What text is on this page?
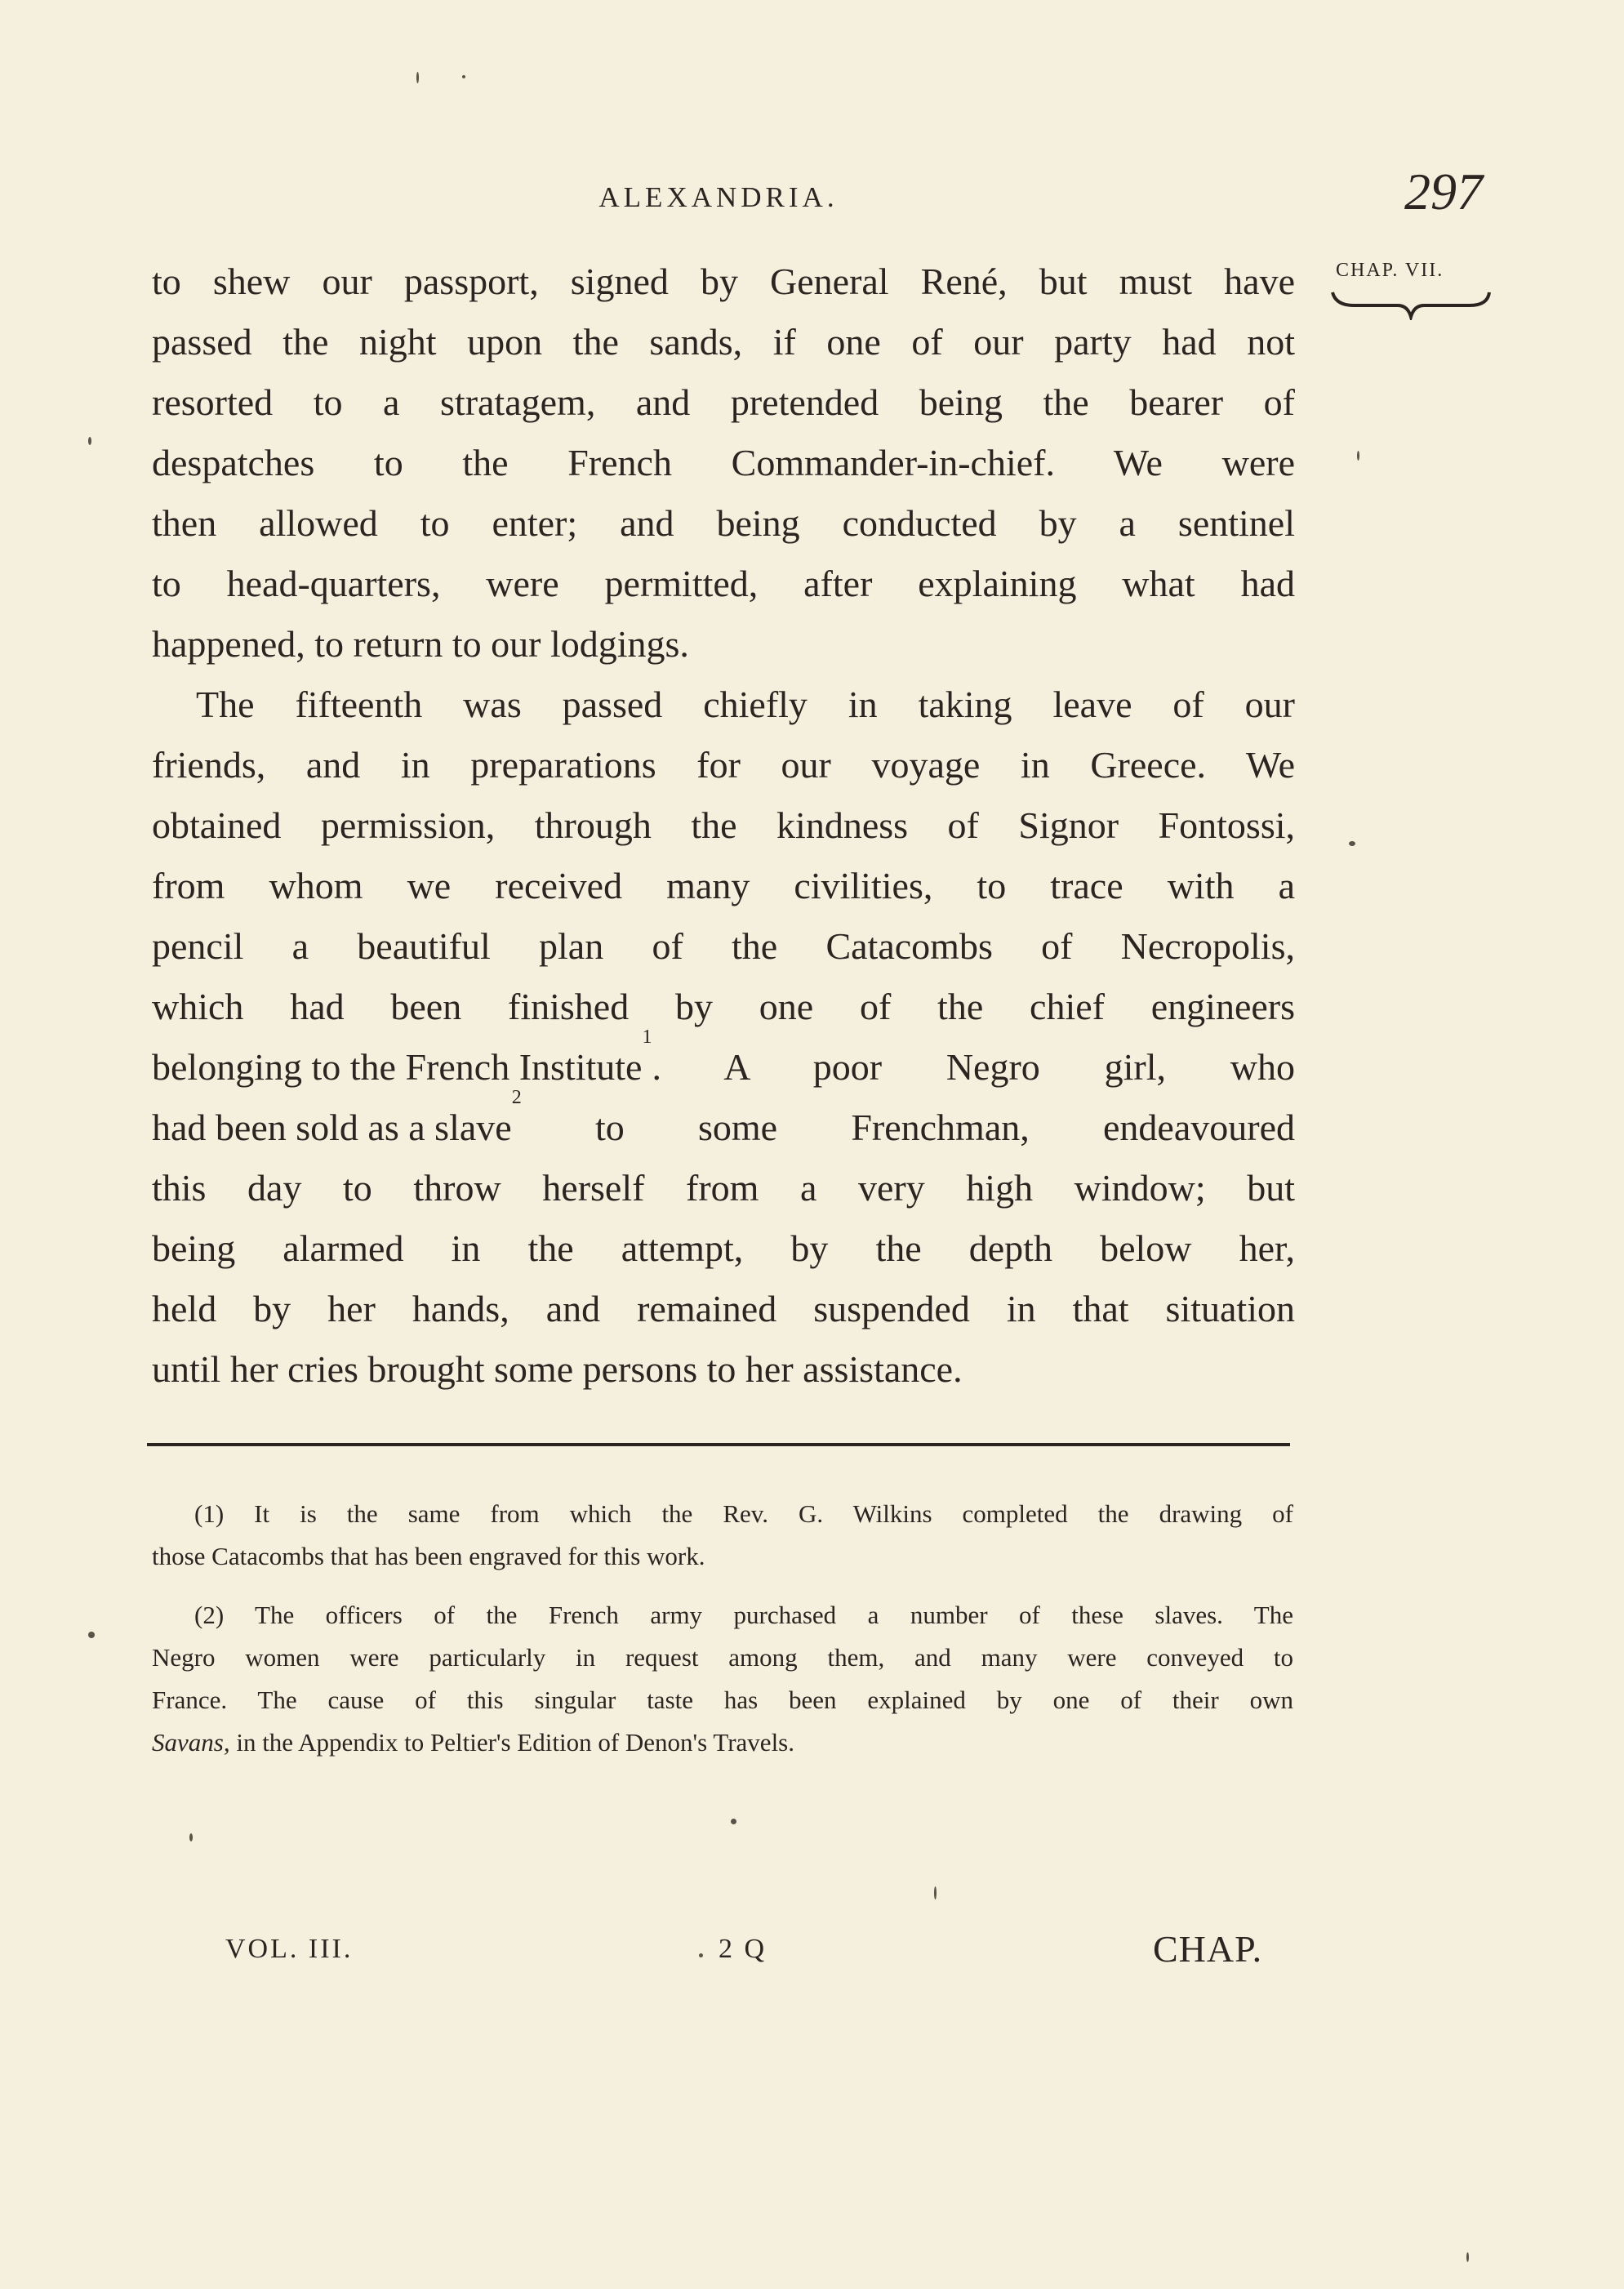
ALEXANDRIA.	297
CHAP. VII.
to shew our passport, signed by General René, but must have
passed the night upon the sands, if one of our party had not
resorted to a stratagem, and pretended being the bearer of
despatches to the French Commander-in-chief. We were
then allowed to enter; and being conducted by a sentinel
to head-quarters, were permitted, after explaining what had
happened, to return to our lodgings.
The fifteenth was passed chiefly in taking leave of our
friends, and in preparations for our voyage in Greece. We
obtained permission, through the kindness of Signor Fontossi,
from whom we received many civilities, to trace with a
pencil a beautiful plan of the Catacombs of Necropolis,
which had been finished by one of the chief engineers
belonging to the French Institute
1
. A poor Negro girl, who
had been sold as a slave
2
to some Frenchman, endeavoured
this day to throw herself from a very high window; but
being alarmed in the attempt, by the depth below her,
held by her hands, and remained suspended in that situation
until her cries brought some persons to her assistance.
(1) It is the same from which the Rev. G. Wilkins completed the drawing of
those Catacombs that has been engraved for this work.
(2) The officers of the French army purchased a number of these slaves. The
Negro women were particularly in request among them, and many were conveyed to
France. The cause of this singular taste has been explained by one of their own
Savans, in the Appendix to Peltier's Edition of Denon's Travels.
VOL. III.	2 Q	CHAP.
